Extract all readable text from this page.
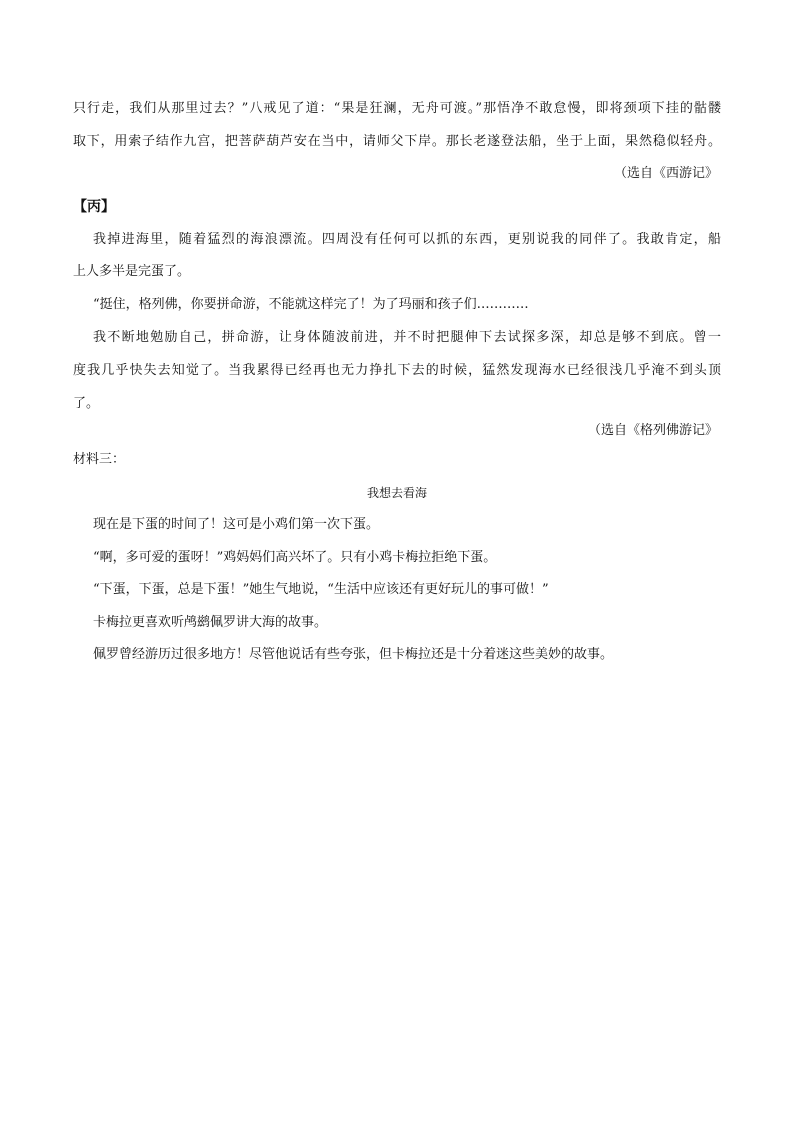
只行走，我们从那里过去？”八戒见了道：“果是狂澜，无舟可渡。”那悟净不敢怠慢，即将颈项下挂的骷髅
取下，用索子结作九宫，把菩萨葫芦安在当中，请师父下岸。那长老遂登法船，坐于上面，果然稳似轻舟。
（选自《西游记》
【丙】
我掉进海里，随着猛烈的海浪漂流。四周没有任何可以抓的东西，更别说我的同伴了。我敢肯定，船
上人多半是完蛋了。
“挺住，格列佛，你要拼命游，不能就这样完了！为了玛丽和孩子们…………
我不断地勉励自己，拼命游，让身体随波前进，并不时把腿伸下去试探多深，却总是够不到底。曾一
度我几乎快失去知觉了。当我累得已经再也无力挣扎下去的时候，猛然发现海水已经很浅几乎淹不到头顶
了。
（选自《格列佛游记》
材料三：
我想去看海
现在是下蛋的时间了！这可是小鸡们第一次下蛋。
“啊，多可爱的蛋呀！”鸡妈妈们高兴坏了。只有小鸡卡梅拉拒绝下蛋。
“下蛋，下蛋，总是下蛋！”她生气地说，“生活中应该还有更好玩儿的事可做！”
卡梅拉更喜欢听鸬鹚佩罗讲大海的故事。
佩罗曾经游历过很多地方！尽管他说话有些夸张，但卡梅拉还是十分着迷这些美妙的故事。
